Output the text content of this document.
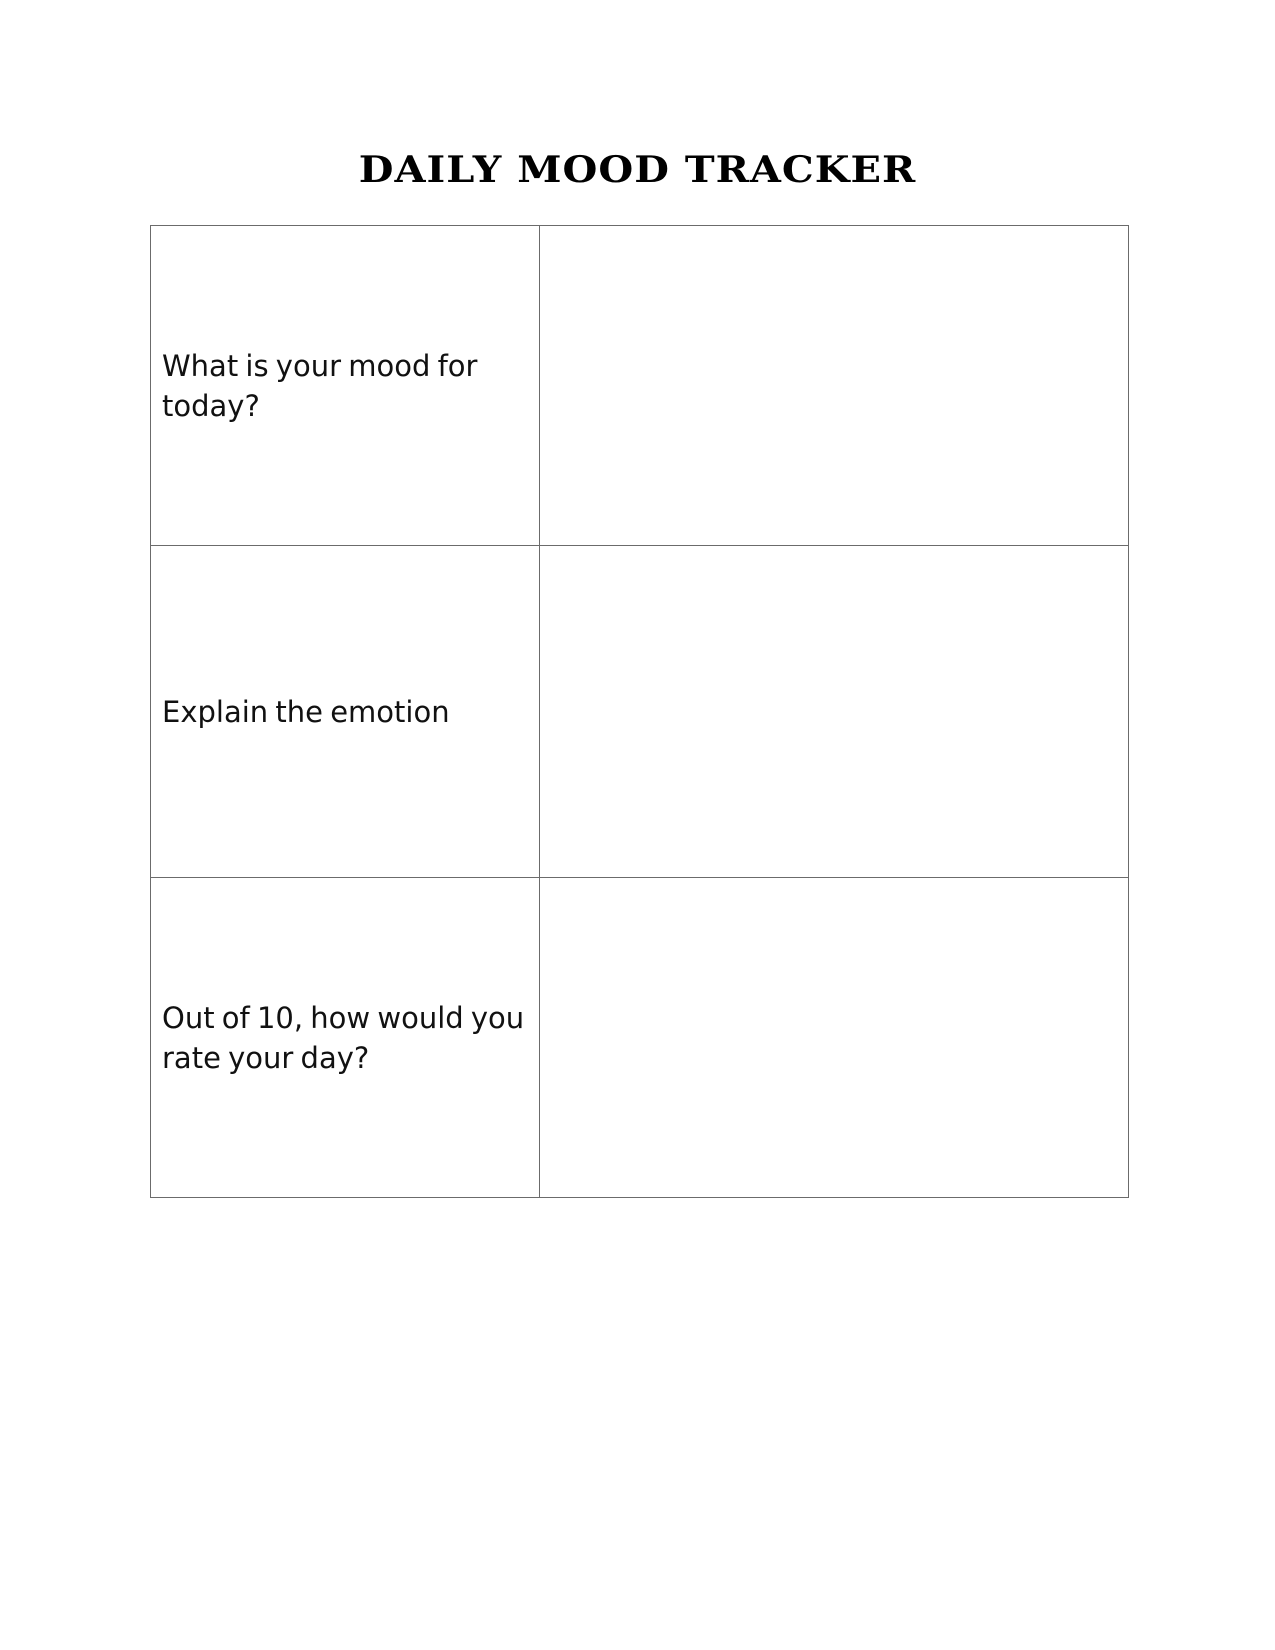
DAILY MOOD TRACKER
What is your mood for today?	

Explain the emotion	

Out of 10, how would you rate your day?	
